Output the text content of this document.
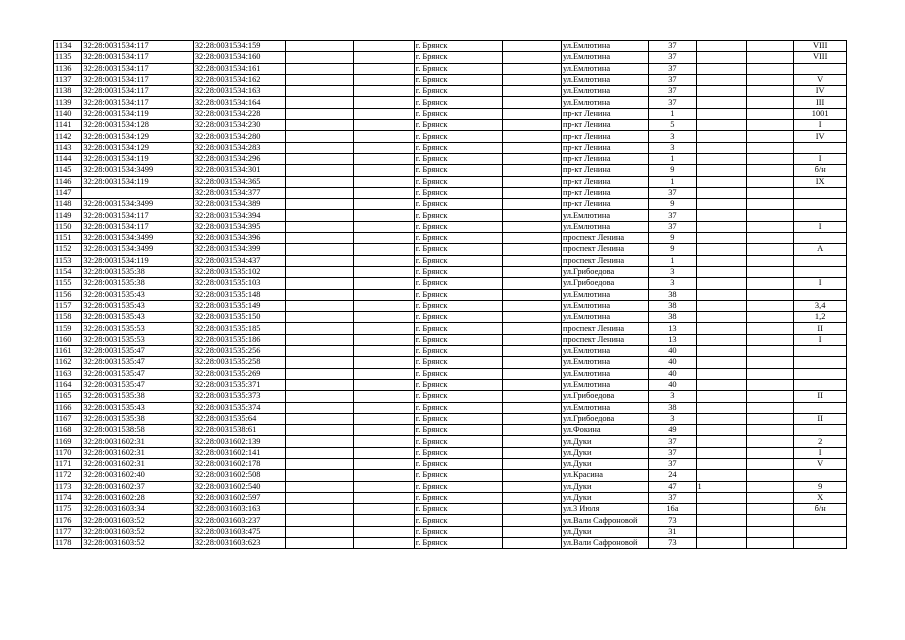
1134	32:28:0031534:117	32:28:0031534:159			г. Брянск		ул.Емлютина	37			VIII
1135	32:28:0031534:117	32:28:0031534:160			г. Брянск		ул.Емлютина	37			VIII
1136	32:28:0031534:117	32:28:0031534:161			г. Брянск		ул.Емлютина	37			
1137	32:28:0031534:117	32:28:0031534:162			г. Брянск		ул.Емлютина	37			V
1138	32:28:0031534:117	32:28:0031534:163			г. Брянск		ул.Емлютина	37			IV
1139	32:28:0031534:117	32:28:0031534:164			г. Брянск		ул.Емлютина	37			III
1140	32:28:0031534:119	32:28:0031534:228			г. Брянск		пр-кт Ленина	1			1001
1141	32:28:0031534:128	32:28:0031534:230			г. Брянск		пр-кт Ленина	5			I
1142	32:28:0031534:129	32:28:0031534:280			г. Брянск		пр-кт Ленина	3			IV
1143	32:28:0031534:129	32:28:0031534:283			г. Брянск		пр-кт Ленина	3			
1144	32:28:0031534:119	32:28:0031534:296			г. Брянск		пр-кт Ленина	1			I
1145	32:28:0031534:3499	32:28:0031534:301			г. Брянск		пр-кт Ленина	9			б/н
1146	32:28:0031534:119	32:28:0031534:365			г. Брянск		пр-кт Ленина	1			IX
1147		32:28:0031534:377			г. Брянск		пр-кт Ленина	37			
1148	32:28:0031534:3499	32:28:0031534:389			г. Брянск		пр-кт Ленина	9			
1149	32:28:0031534:117	32:28:0031534:394			г. Брянск		ул.Емлютина	37			
1150	32:28:0031534:117	32:28:0031534:395			г. Брянск		ул.Емлютина	37			I
1151	32:28:0031534:3499	32:28:0031534:396			г. Брянск		проспект Ленина	9			
1152	32:28:0031534:3499	32:28:0031534:399			г. Брянск		проспект Ленина	9			А
1153	32:28:0031534:119	32:28:0031534:437			г. Брянск		проспект Ленина	1			
1154	32:28:0031535:38	32:28:0031535:102			г. Брянск		ул.Грибоедова	3			
1155	32:28:0031535:38	32:28:0031535:103			г. Брянск		ул.Грибоедова	3			I
1156	32:28:0031535:43	32:28:0031535:148			г. Брянск		ул.Емлютина	38			
1157	32:28:0031535:43	32:28:0031535:149			г. Брянск		ул.Емлютина	38			3,4
1158	32:28:0031535:43	32:28:0031535:150			г. Брянск		ул.Емлютина	38			1,2
1159	32:28:0031535:53	32:28:0031535:185			г. Брянск		проспект Ленина	13			II
1160	32:28:0031535:53	32:28:0031535:186			г. Брянск		проспект Ленина	13			I
1161	32:28:0031535:47	32:28:0031535:256			г. Брянск		ул.Емлютина	40			
1162	32:28:0031535:47	32:28:0031535:258			г. Брянск		ул.Емлютина	40			
1163	32:28:0031535:47	32:28:0031535:269			г. Брянск		ул.Емлютина	40			
1164	32:28:0031535:47	32:28:0031535:371			г. Брянск		ул.Емлютина	40			
1165	32:28:0031535:38	32:28:0031535:373			г. Брянск		ул.Грибоедова	3			II
1166	32:28:0031535:43	32:28:0031535:374			г. Брянск		ул.Емлютина	38			
1167	32:28:0031535:38	32:28:0031535:64			г. Брянск		ул.Грибоедова	3			II
1168	32:28:0031538:58	32:28:0031538:61			г. Брянск		ул.Фокина	49			
1169	32:28:0031602:31	32:28:0031602:139			г. Брянск		ул.Дуки	37			2
1170	32:28:0031602:31	32:28:0031602:141			г. Брянск		ул.Дуки	37			I
1171	32:28:0031602:31	32:28:0031602:178			г. Брянск		ул.Дуки	37			V
1172	32:28:0031602:40	32:28:0031602:508			г. Брянск		ул.Красина	24			
1173	32:28:0031602:37	32:28:0031602:540			г. Брянск		ул.Дуки	47	1		9
1174	32:28:0031602:28	32:28:0031602:597			г. Брянск		ул.Дуки	37			X
1175	32:28:0031603:34	32:28:0031603:163			г. Брянск		ул.3 Июля	16а			б/н
1176	32:28:0031603:52	32:28:0031603:237			г. Брянск		ул.Вали Сафроновой	73			
1177	32:28:0031603:52	32:28:0031603:475			г. Брянск		ул.Дуки	31			
1178	32:28:0031603:52	32:28:0031603:623			г. Брянск		ул.Вали Сафроновой	73			
